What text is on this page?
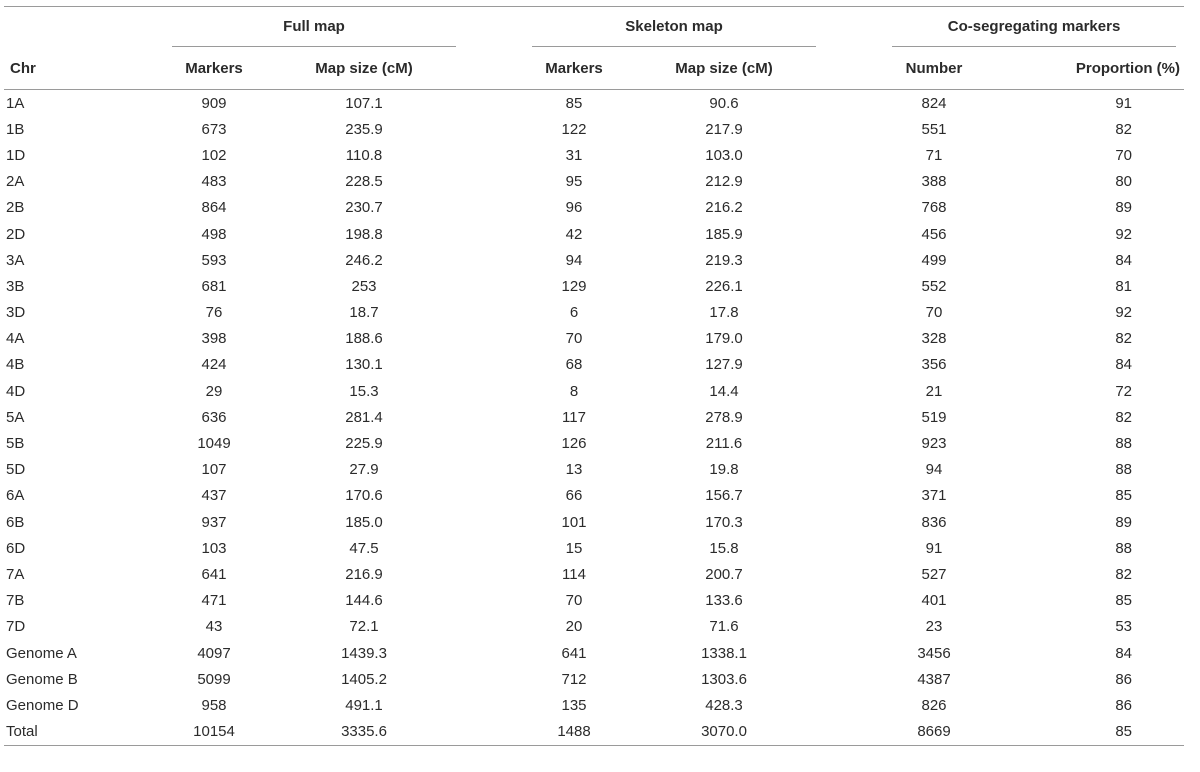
	Full map			Skeleton map			Co-segregating markers	

Chr	Markers	Map size (cM)		Markers	Map size (cM)		Number	Proportion (%)
1A	909	107.1		85	90.6		824	91
1B	673	235.9		122	217.9		551	82
1D	102	110.8		31	103.0		71	70
2A	483	228.5		95	212.9		388	80
2B	864	230.7		96	216.2		768	89
2D	498	198.8		42	185.9		456	92
3A	593	246.2		94	219.3		499	84
3B	681	253		129	226.1		552	81
3D	76	18.7		6	17.8		70	92
4A	398	188.6		70	179.0		328	82
4B	424	130.1		68	127.9		356	84
4D	29	15.3		8	14.4		21	72
5A	636	281.4		117	278.9		519	82
5B	1049	225.9		126	211.6		923	88
5D	107	27.9		13	19.8		94	88
6A	437	170.6		66	156.7		371	85
6B	937	185.0		101	170.3		836	89
6D	103	47.5		15	15.8		91	88
7A	641	216.9		114	200.7		527	82
7B	471	144.6		70	133.6		401	85
7D	43	72.1		20	71.6		23	53
Genome A	4097	1439.3		641	1338.1		3456	84
Genome B	5099	1405.2		712	1303.6		4387	86
Genome D	958	491.1		135	428.3		826	86
Total	10154	3335.6		1488	3070.0		8669	85
